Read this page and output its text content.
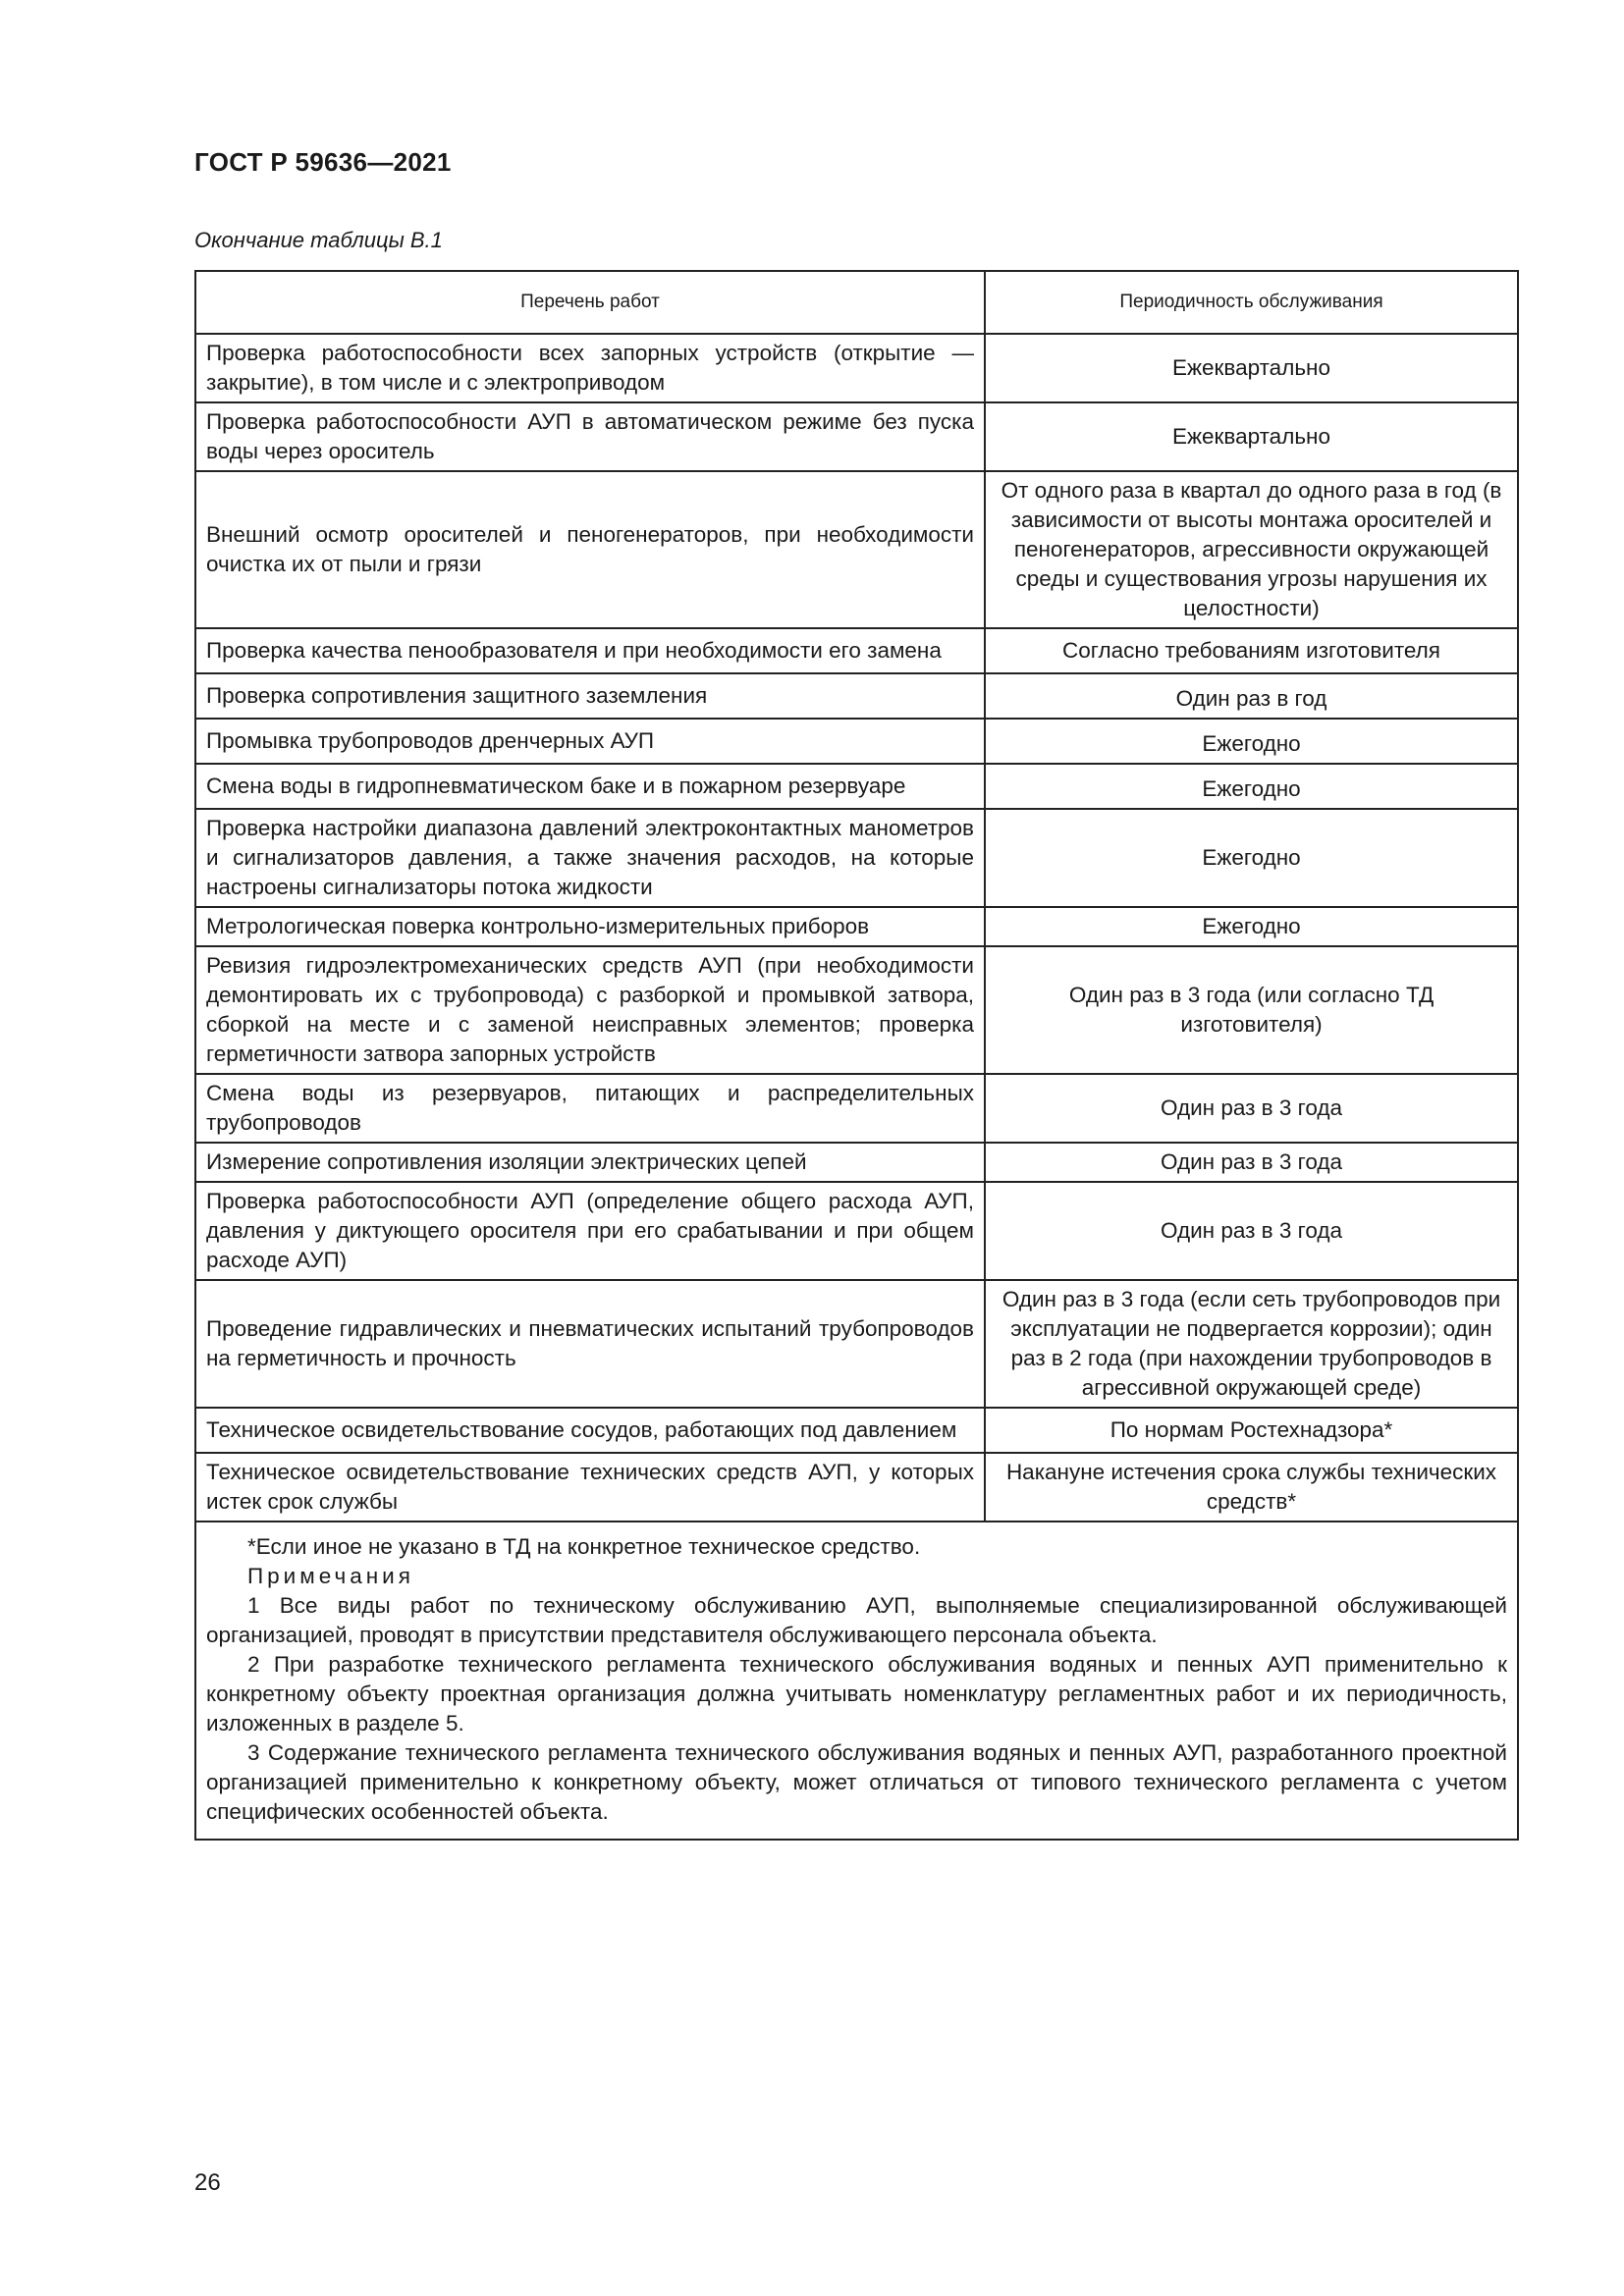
ГОСТ Р 59636—2021
Окончание таблицы В.1
Перечень работ	Периодичность обслуживания
Проверка работоспособности всех запорных устройств (открытие — закрытие), в том числе и с электроприводом	Ежеквартально
Проверка работоспособности АУП в автоматическом режиме без пуска воды через ороситель	Ежеквартально
Внешний осмотр оросителей и пеногенераторов, при необходимости очистка их от пыли и грязи	От одного раза в квартал до одного раза в год (в зависимости от высоты монтажа оросителей и пеногенераторов, агрессивности окружающей среды и существования угрозы нарушения их целостности)
Проверка качества пенообразователя и при необходимости его замена	Согласно требованиям изготовителя
Проверка сопротивления защитного заземления	Один раз в год
Промывка трубопроводов дренчерных АУП	Ежегодно
Смена воды в гидропневматическом баке и в пожарном резервуаре	Ежегодно
Проверка настройки диапазона давлений электроконтактных манометров и сигнализаторов давления, а также значения расходов, на которые настроены сигнализаторы потока жидкости	Ежегодно
Метрологическая поверка контрольно-измерительных приборов	Ежегодно
Ревизия гидроэлектромеханических средств АУП (при необходимости демонтировать их с трубопровода) с разборкой и промывкой затвора, сборкой на месте и с заменой неисправных элементов; проверка герметичности затвора запорных устройств	Один раз в 3 года (или согласно ТД изготовителя)
Смена воды из резервуаров, питающих и распределительных трубопроводов	Один раз в 3 года
Измерение сопротивления изоляции электрических цепей	Один раз в 3 года
Проверка работоспособности АУП (определение общего расхода АУП, давления у диктующего оросителя при его срабатывании и при общем расходе АУП)	Один раз в 3 года
Проведение гидравлических и пневматических испытаний трубопроводов на герметичность и прочность	Один раз в 3 года (если сеть трубопроводов при эксплуатации не подвергается коррозии); один раз в 2 года (при нахождении трубопроводов в агрессивной окружающей среде)
Техническое освидетельствование сосудов, работающих под давлением	По нормам Ростехнадзора*
Техническое освидетельствование технических средств АУП, у которых истек срок службы	Накануне истечения срока службы технических средств*

*Если иное не указано в ТД на конкретное техническое средство.
Примечания
1 Все виды работ по техническому обслуживанию АУП, выполняемые специализированной обслуживающей организацией, проводят в присутствии представителя обслуживающего персонала объекта.
2 При разработке технического регламента технического обслуживания водяных и пенных АУП применительно к конкретному объекту проектная организация должна учитывать номенклатуру регламентных работ и их периодичность, изложенных в разделе 5.
3 Содержание технического регламента технического обслуживания водяных и пенных АУП, разработанного проектной организацией применительно к конкретному объекту, может отличаться от типового технического регламента с учетом специфических особенностей объекта.	
26
